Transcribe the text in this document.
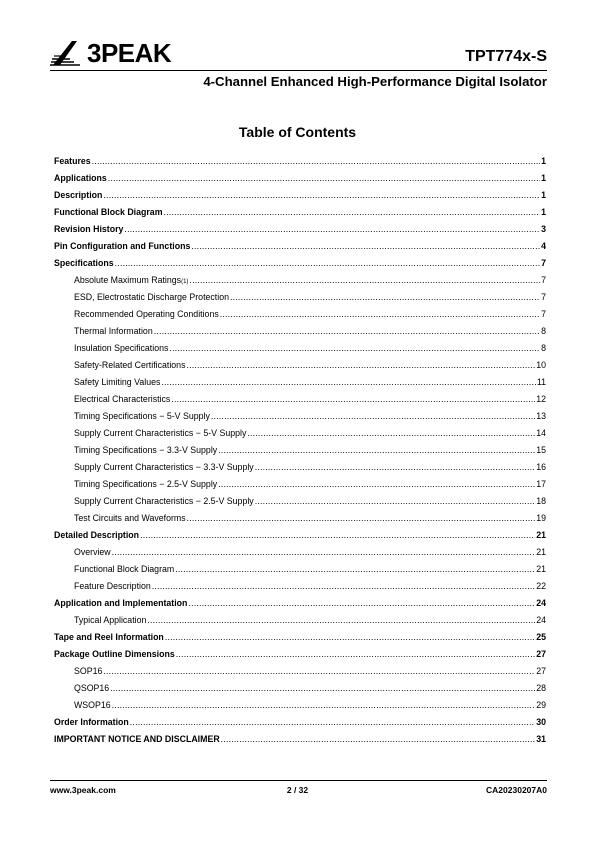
3PEAK	TPT774x-S
4-Channel Enhanced High-Performance Digital Isolator
Table of Contents
Features .....	1
Applications .....	1
Description .....	1
Functional Block Diagram .....	1
Revision History .....	3
Pin Configuration and Functions .....	4
Specifications .....	7
Absolute Maximum Ratings (1) .....	7
ESD, Electrostatic Discharge Protection .....	7
Recommended Operating Conditions .....	7
Thermal Information .....	8
Insulation Specifications .....	8
Safety-Related Certifications .....	10
Safety Limiting Values .....	11
Electrical Characteristics .....	12
Timing Specifications − 5-V Supply .....	13
Supply Current Characteristics − 5-V Supply .....	14
Timing Specifications − 3.3-V Supply .....	15
Supply Current Characteristics − 3.3-V Supply .....	16
Timing Specifications − 2.5-V Supply .....	17
Supply Current Characteristics − 2.5-V Supply .....	18
Test Circuits and Waveforms .....	19
Detailed Description .....	21
Overview .....	21
Functional Block Diagram .....	21
Feature Description .....	22
Application and Implementation .....	24
Typical Application .....	24
Tape and Reel Information .....	25
Package Outline Dimensions .....	27
SOP16 .....	27
QSOP16 .....	28
WSOP16 .....	29
Order Information .....	30
IMPORTANT NOTICE AND DISCLAIMER .....	31
www.3peak.com	2 / 32	CA20230207A0
